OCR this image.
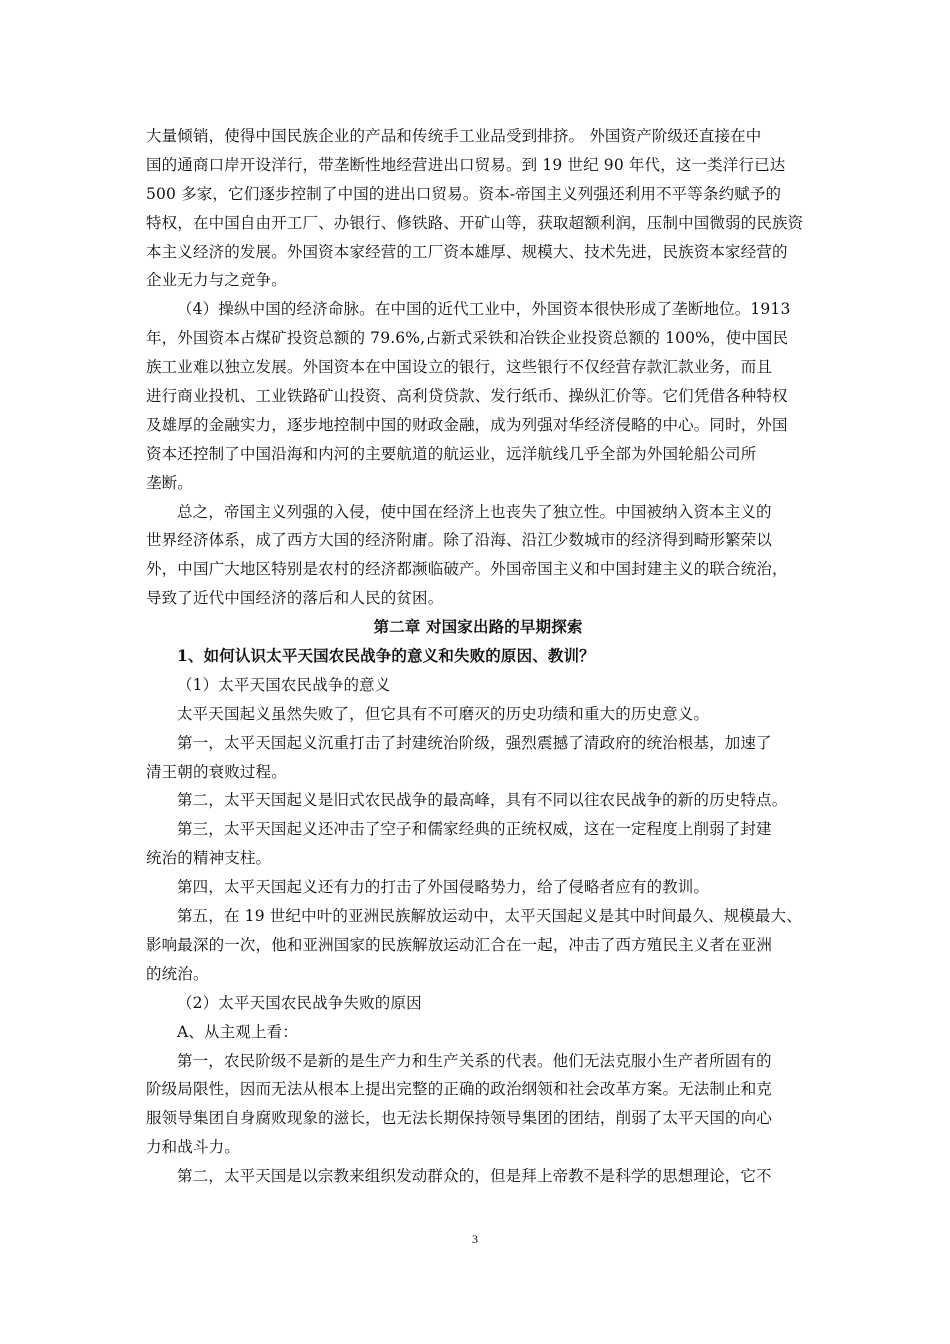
大量倾销，使得中国民族企业的产品和传统手工业品受到排挤。 外国资产阶级还直接在中
国的通商口岸开设洋行，带垄断性地经营进出口贸易。到 19 世纪 90 年代，这一类洋行已达
500 多家，它们逐步控制了中国的进出口贸易。资本-帝国主义列强还利用不平等条约赋予的
特权，在中国自由开工厂、办银行、修铁路、开矿山等，获取超额利润，压制中国微弱的民族资
本主义经济的发展。外国资本家经营的工厂资本雄厚、规模大、技术先进，民族资本家经营的
企业无力与之竞争。
（4）操纵中国的经济命脉。在中国的近代工业中，外国资本很快形成了垄断地位。1913
年，外国资本占煤矿投资总额的 79.6%,占新式采铁和冶铁企业投资总额的 100%，使中国民
族工业难以独立发展。外国资本在中国设立的银行，这些银行不仅经营存款汇款业务，而且
进行商业投机、工业铁路矿山投资、高利贷贷款、发行纸币、操纵汇价等。它们凭借各种特权
及雄厚的金融实力，逐步地控制中国的财政金融，成为列强对华经济侵略的中心。同时，外国
资本还控制了中国沿海和内河的主要航道的航运业，远洋航线几乎全部为外国轮船公司所
垄断。
总之，帝国主义列强的入侵，使中国在经济上也丧失了独立性。中国被纳入资本主义的
世界经济体系，成了西方大国的经济附庸。除了沿海、沿江少数城市的经济得到畸形繁荣以
外，中国广大地区特别是农村的经济都濒临破产。外国帝国主义和中国封建主义的联合统治，
导致了近代中国经济的落后和人民的贫困。
第二章 对国家出路的早期探索
1、如何认识太平天国农民战争的意义和失败的原因、教训？
（1）太平天国农民战争的意义
太平天国起义虽然失败了，但它具有不可磨灭的历史功绩和重大的历史意义。
第一，太平天国起义沉重打击了封建统治阶级，强烈震撼了清政府的统治根基，加速了
清王朝的衰败过程。
第二，太平天国起义是旧式农民战争的最高峰，具有不同以往农民战争的新的历史特点。
第三，太平天国起义还冲击了空子和儒家经典的正统权威，这在一定程度上削弱了封建
统治的精神支柱。
第四，太平天国起义还有力的打击了外国侵略势力，给了侵略者应有的教训。
第五，在 19 世纪中叶的亚洲民族解放运动中，太平天国起义是其中时间最久、规模最大、
影响最深的一次，他和亚洲国家的民族解放运动汇合在一起，冲击了西方殖民主义者在亚洲
的统治。
（2）太平天国农民战争失败的原因
A、从主观上看：
第一，农民阶级不是新的是生产力和生产关系的代表。他们无法克服小生产者所固有的
阶级局限性，因而无法从根本上提出完整的正确的政治纲领和社会改革方案。无法制止和克
服领导集团自身腐败现象的滋长，也无法长期保持领导集团的团结，削弱了太平天国的向心
力和战斗力。
第二，太平天国是以宗教来组织发动群众的，但是拜上帝教不是科学的思想理论，它不
3
